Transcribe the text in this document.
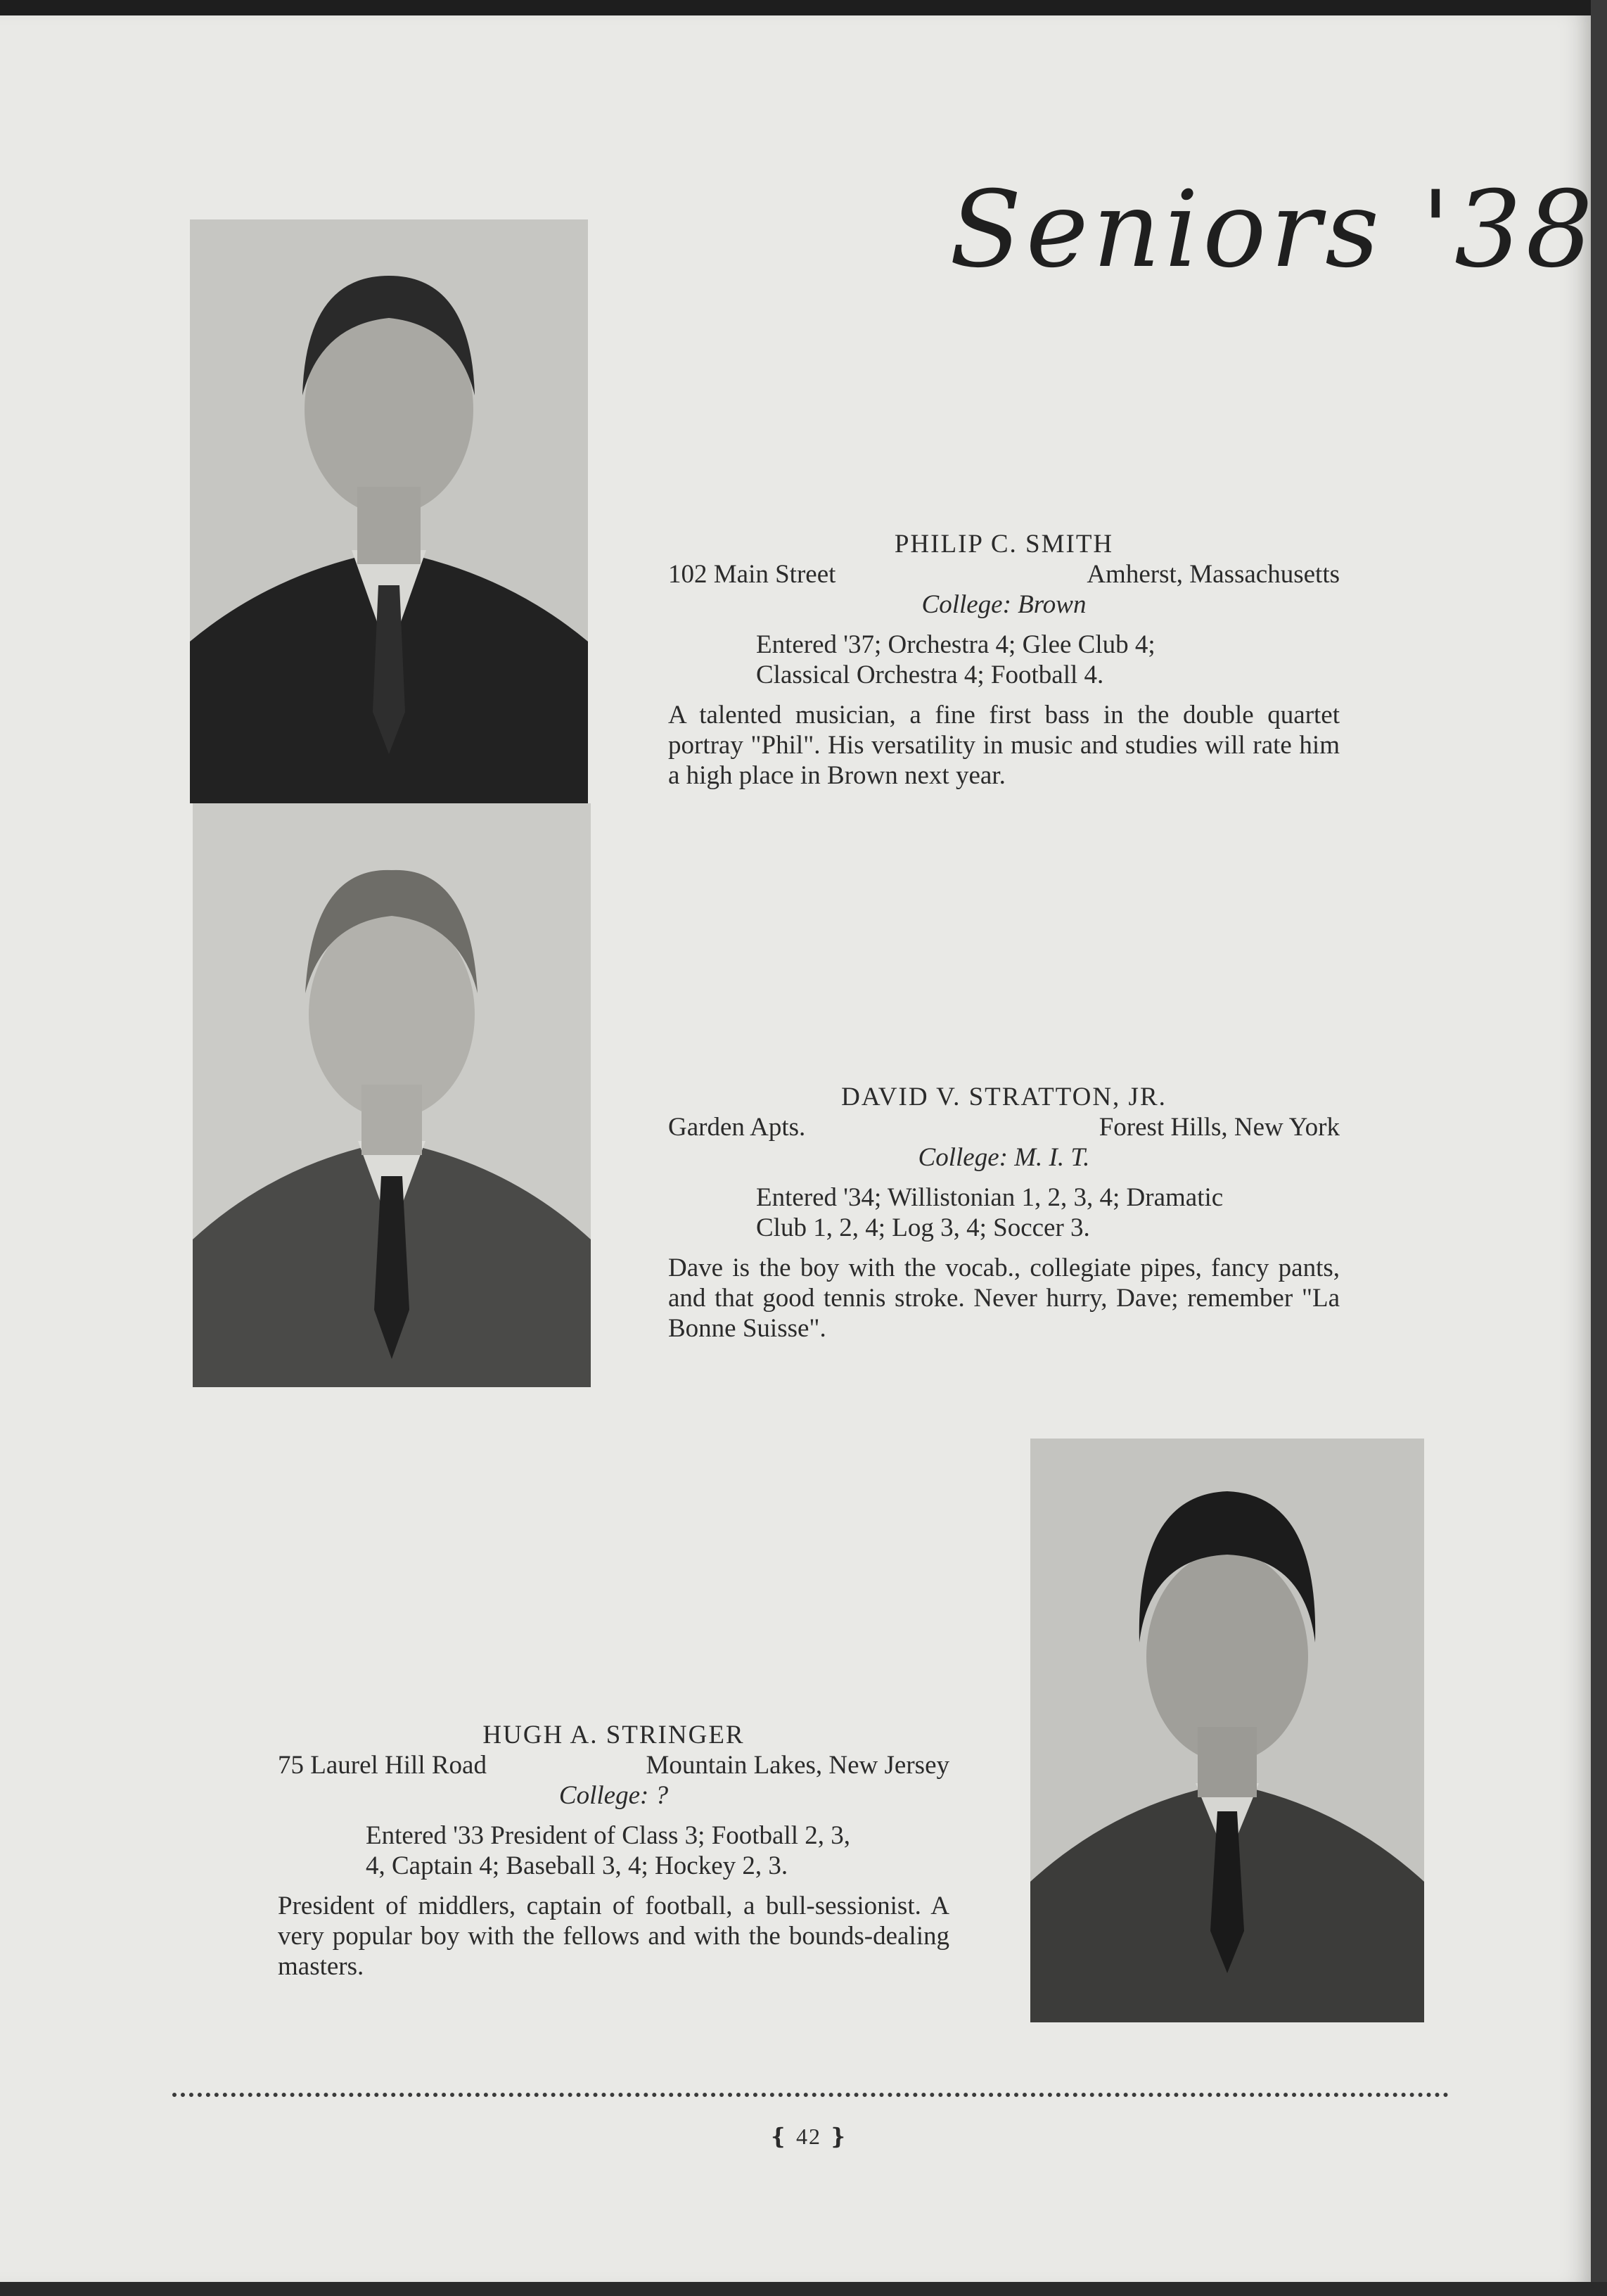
Seniors '38
PHILIP C. SMITH
102 Main Street	Amherst, Massachusetts
College: Brown
Entered '37; Orchestra 4; Glee Club 4; Classical Orchestra 4; Football 4.
A talented musician, a fine first bass in the double quartet portray "Phil". His versatility in music and studies will rate him a high place in Brown next year.
DAVID V. STRATTON, JR.
Garden Apts.	Forest Hills, New York
College: M. I. T.
Entered '34; Willistonian 1, 2, 3, 4; Dramatic Club 1, 2, 4; Log 3, 4; Soccer 3.
Dave is the boy with the vocab., collegiate pipes, fancy pants, and that good tennis stroke. Never hurry, Dave; remember "La Bonne Suisse".
HUGH A. STRINGER
75 Laurel Hill Road	Mountain Lakes, New Jersey
College: ?
Entered '33 President of Class 3; Football 2, 3, 4, Captain 4; Baseball 3, 4; Hockey 2, 3.
President of middlers, captain of football, a bull-sessionist. A very popular boy with the fellows and with the bounds-dealing masters.
❴ 42 ❵
